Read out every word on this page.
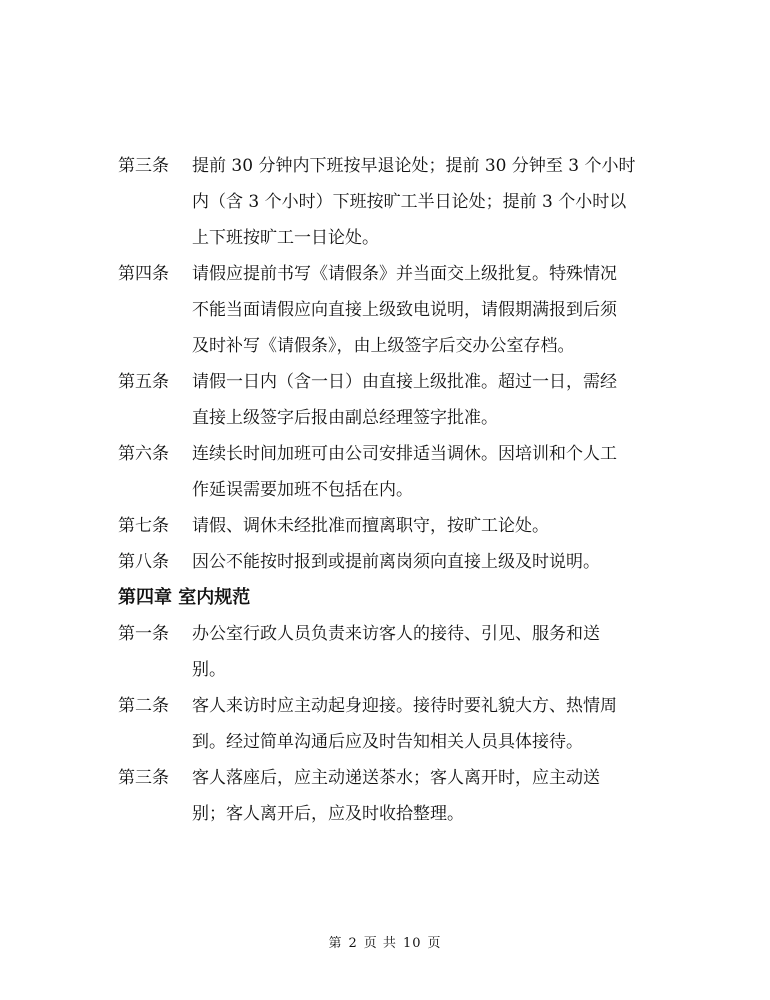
第三条	提前 30 分钟内下班按早退论处；提前 30 分钟至 3 个小时
内（含 3 个小时）下班按旷工半日论处；提前 3 个小时以
上下班按旷工一日论处。
第四条	请假应提前书写《请假条》并当面交上级批复。特殊情况
不能当面请假应向直接上级致电说明，请假期满报到后须
及时补写《请假条》，由上级签字后交办公室存档。
第五条	请假一日内（含一日）由直接上级批准。超过一日，需经
直接上级签字后报由副总经理签字批准。
第六条	连续长时间加班可由公司安排适当调休。因培训和个人工
作延误需要加班不包括在内。
第七条	请假、调休未经批准而擅离职守，按旷工论处。
第八条	因公不能按时报到或提前离岗须向直接上级及时说明。
第四章 室内规范
第一条	办公室行政人员负责来访客人的接待、引见、服务和送
别。
第二条	客人来访时应主动起身迎接。接待时要礼貌大方、热情周
到。经过简单沟通后应及时告知相关人员具体接待。
第三条	客人落座后，应主动递送茶水；客人离开时，应主动送
别；客人离开后，应及时收拾整理。
第 2 页 共 10 页
